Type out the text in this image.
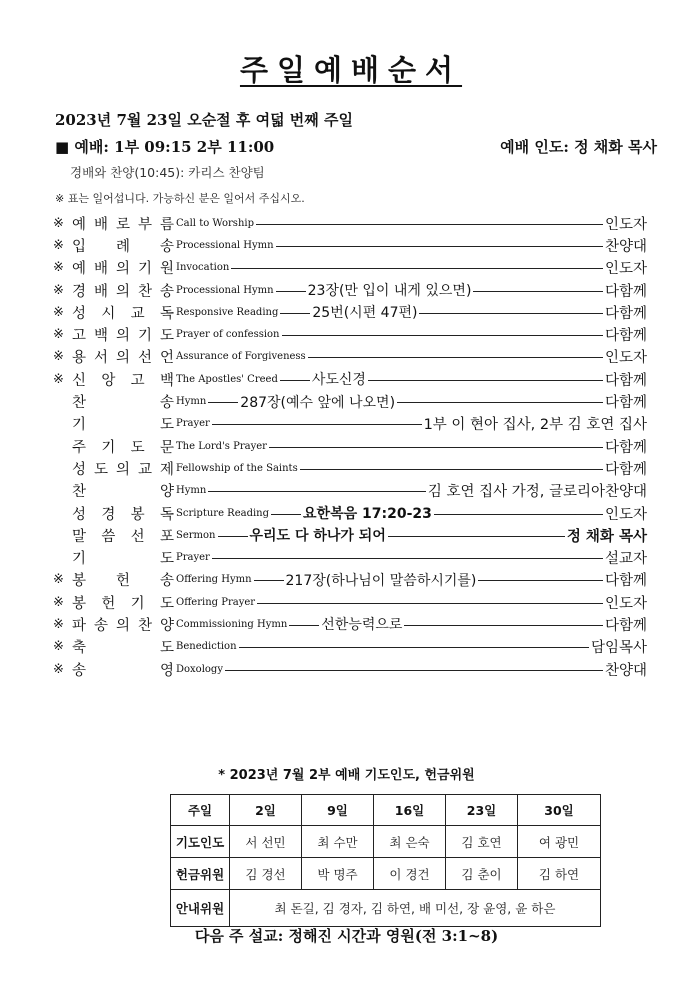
주일예배순서
2023년 7월 23일 오순절 후 여덟 번째 주일
■ 예배: 1부 09:15 2부 11:00	예배 인도: 정 채화 목사
경배와 찬양(10:45): 카리스 찬양팀
※ 표는 일어섭니다. 가능하신 분은 일어서 주십시오.
※ 예 배 로 부 름 Call to Worship	인도자
※ 입 례 송 Processional Hymn	찬양대
※ 예 배 의 기 원 Invocation	인도자
※ 경 배 의 찬 송 Processional Hymn 23장(만 입이 내게 있으면)	다함께
※ 성 시 교 독 Responsive Reading 25번(시편 47편)	다함께
※ 고 백 의 기 도 Prayer of confession	다함께
※ 용 서 의 선 언 Assurance of Forgiveness	인도자
※ 신 앙 고 백 The Apostles' Creed 사도신경	다함께
찬	송 Hymn 287장(예수 앞에 나오면)	다함께
기	도 Prayer	1부 이 현아 집사, 2부 김 호연 집사
주 기 도 문 The Lord's Prayer	다함께
성 도 의 교 제 Fellowship of the Saints	다함께
찬	양 Hymn	김 호연 집사 가정, 글로리아찬양대
성 경 봉 독 Scripture Reading 요한복음 17:20-23	인도자
말 씀 선 포 Sermon 우리도 다 하나가 되어	정 채화 목사
기	도 Prayer	설교자
※ 봉 헌 송 Offering Hymn 217장(하나님이 말씀하시기를)	다함께
※ 봉 헌 기 도 Offering Prayer	인도자
※ 파 송 의 찬 양 Commissioning Hymn 선한능력으로	다함께
※ 축	도 Benediction	담임목사
※ 송	영 Doxology	찬양대
* 2023년 7월 2부 예배 기도인도, 헌금위원
주일	2일	9일	16일	23일	30일
기도인도	서 선민	최 수만	최 은숙	김 호연	여 광민
헌금위원	김 경선	박 명주	이 경건	김 춘이	김 하연
안내위원	최 돈길, 김 경자, 김 하연, 배 미선, 장 윤영, 윤 하은				
다음 주 설교: 정해진 시간과 영원(전 3:1~8)
